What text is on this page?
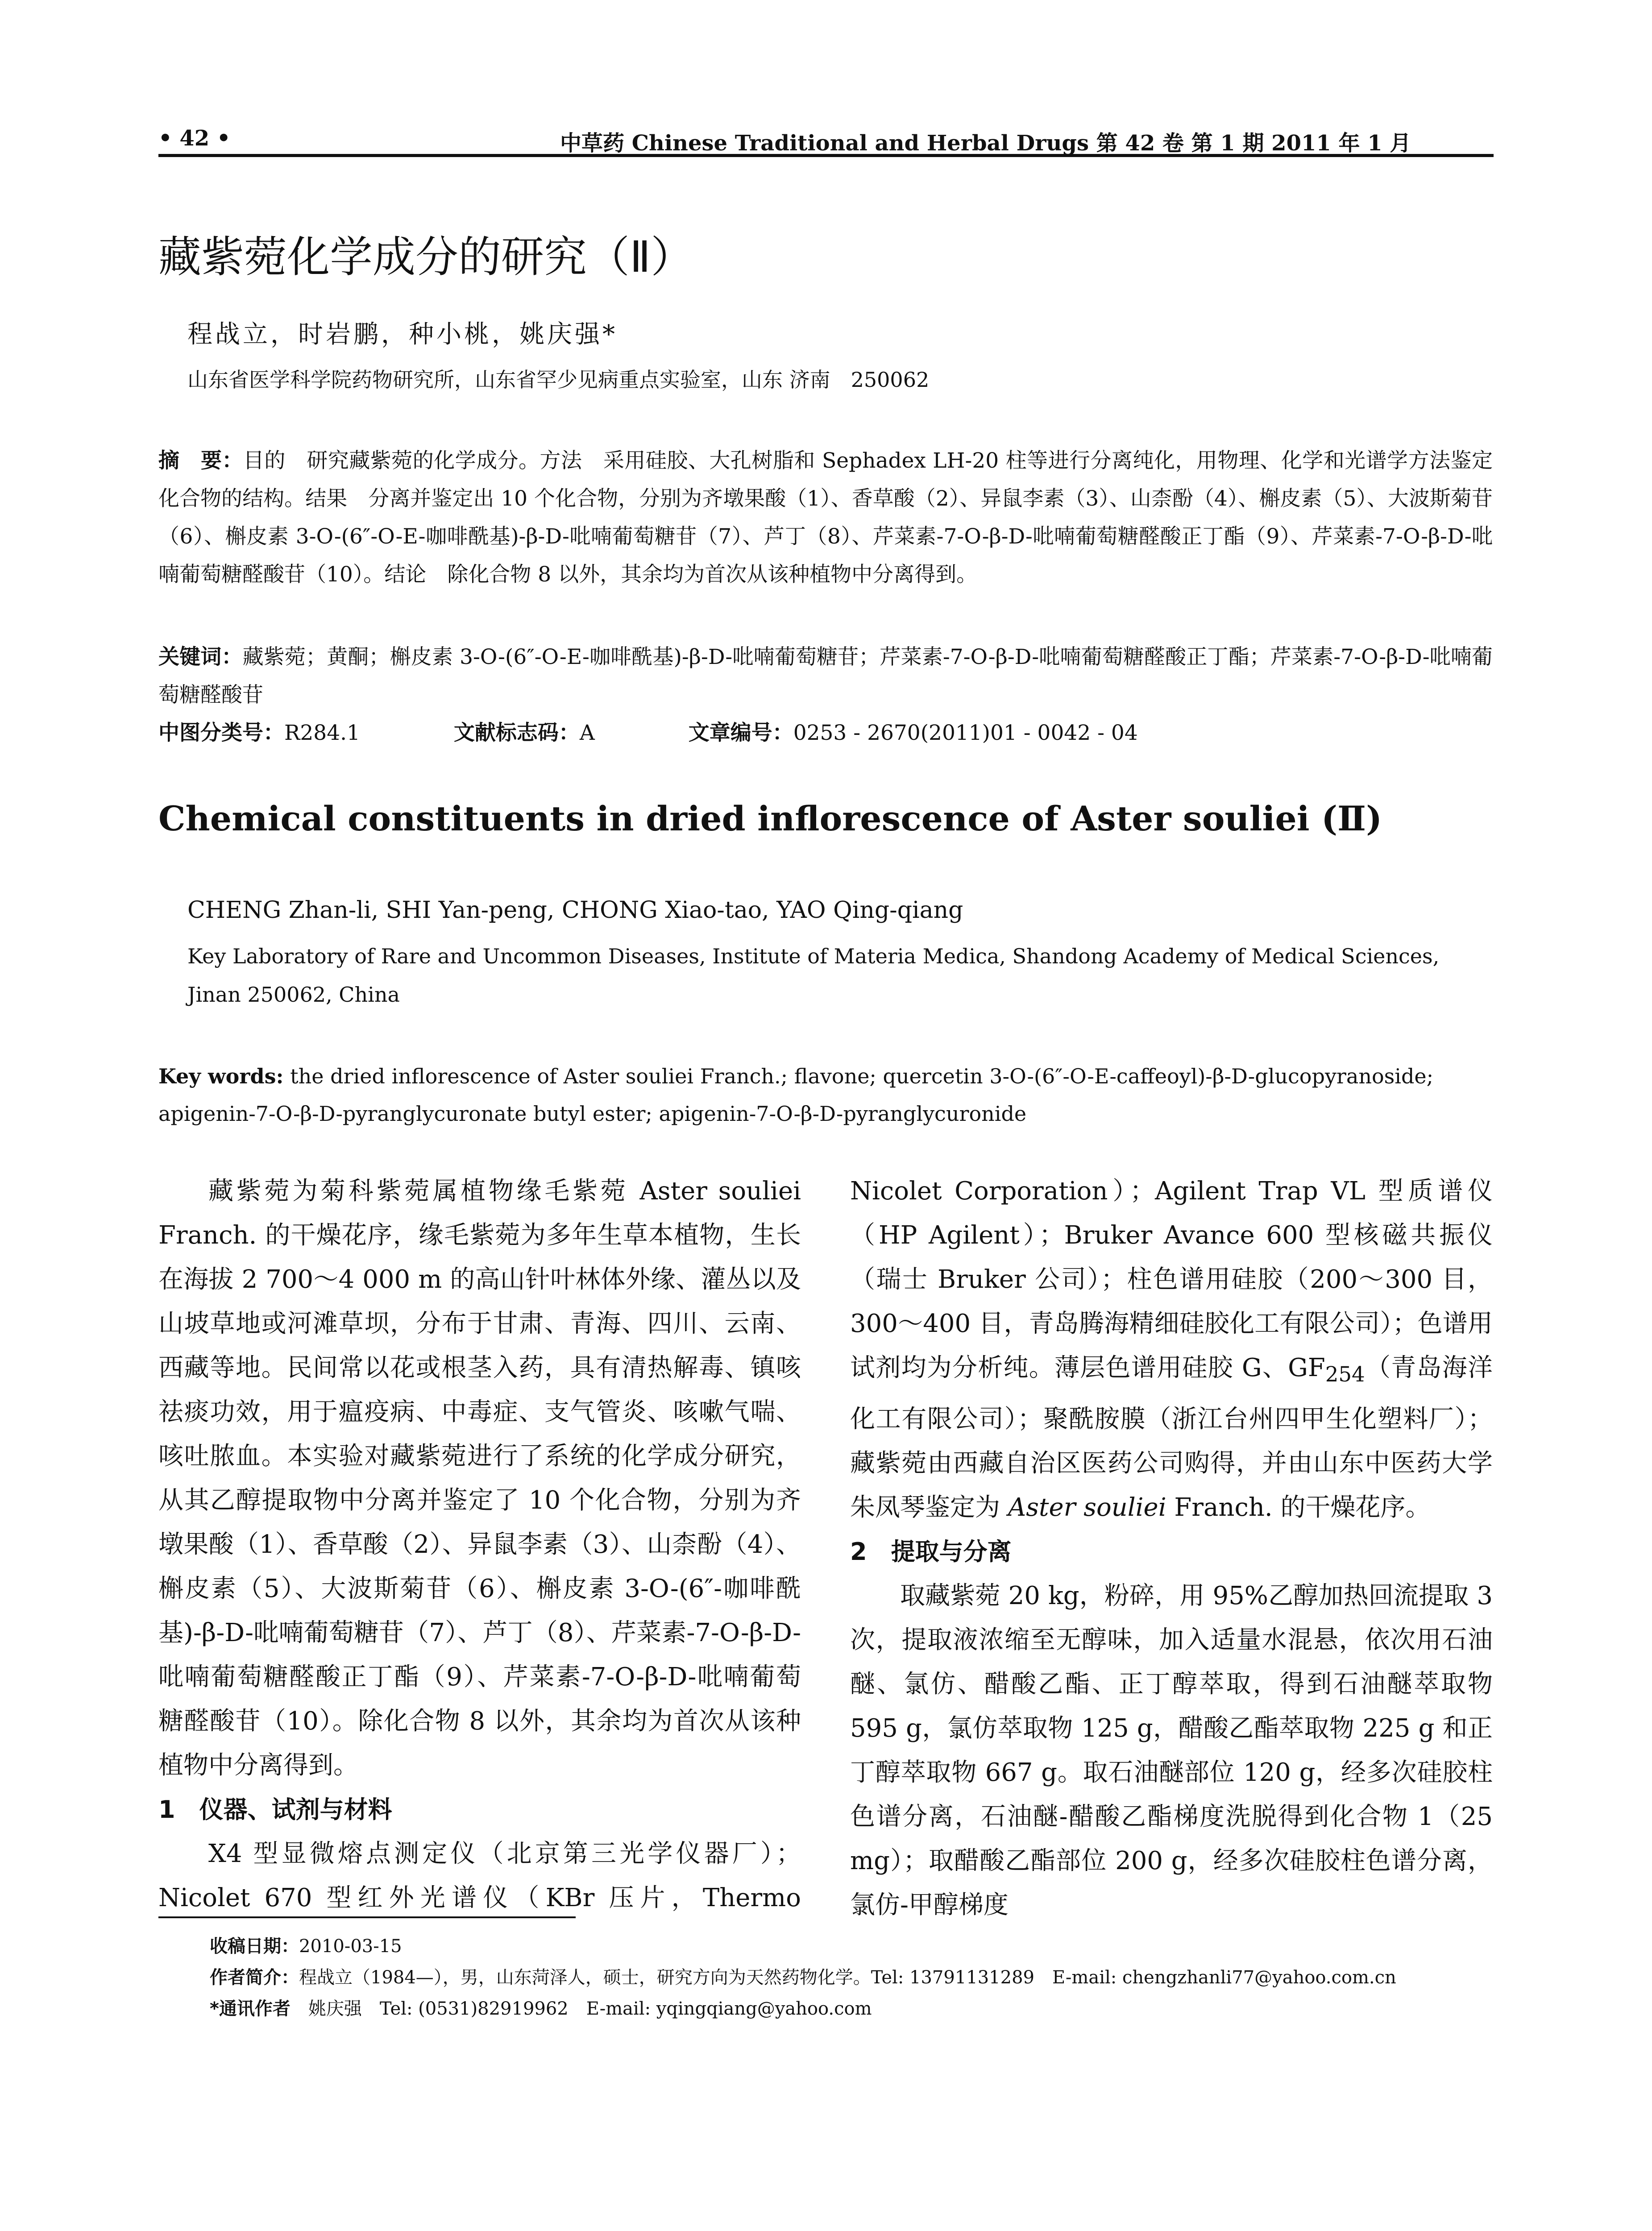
• 42 •	中草药 Chinese Traditional and Herbal Drugs 第 42 卷 第 1 期 2011 年 1 月
藏紫菀化学成分的研究（Ⅱ）
程战立，时岩鹏，种小桃，姚庆强*
山东省医学科学院药物研究所，山东省罕少见病重点实验室，山东 济南　250062
摘　要：目的　研究藏紫菀的化学成分。方法　采用硅胶、大孔树脂和 Sephadex LH-20 柱等进行分离纯化，用物理、化学和光谱学方法鉴定化合物的结构。结果　分离并鉴定出 10 个化合物，分别为齐墩果酸（1）、香草酸（2）、异鼠李素（3）、山柰酚（4）、槲皮素（5）、大波斯菊苷（6）、槲皮素 3-O-(6″-O-E-咖啡酰基)-β-D-吡喃葡萄糖苷（7）、芦丁（8）、芹菜素-7-O-β-D-吡喃葡萄糖醛酸正丁酯（9）、芹菜素-7-O-β-D-吡喃葡萄糖醛酸苷（10）。结论　除化合物 8 以外，其余均为首次从该种植物中分离得到。
关键词：藏紫菀；黄酮；槲皮素 3-O-(6″-O-E-咖啡酰基)-β-D-吡喃葡萄糖苷；芹菜素-7-O-β-D-吡喃葡萄糖醛酸正丁酯；芹菜素-7-O-β-D-吡喃葡萄糖醛酸苷
中图分类号：R284.1	文献标志码：A	文章编号：0253 - 2670(2011)01 - 0042 - 04
Chemical constituents in dried inflorescence of Aster souliei (Ⅱ)
CHENG Zhan-li, SHI Yan-peng, CHONG Xiao-tao, YAO Qing-qiang
Key Laboratory of Rare and Uncommon Diseases, Institute of Materia Medica, Shandong Academy of Medical Sciences, Jinan 250062, China
Key words: the dried inflorescence of Aster souliei Franch.; flavone; quercetin 3-O-(6″-O-E-caffeoyl)-β-D-glucopyranoside; apigenin-7-O-β-D-pyranglycuronate butyl ester; apigenin-7-O-β-D-pyranglycuronide

藏紫菀为菊科紫菀属植物缘毛紫菀 Aster souliei Franch. 的干燥花序，缘毛紫菀为多年生草本植物，生长在海拔 2 700～4 000 m 的高山针叶林体外缘、灌丛以及山坡草地或河滩草坝，分布于甘肃、青海、四川、云南、西藏等地。民间常以花或根茎入药，具有清热解毒、镇咳祛痰功效，用于瘟疫病、中毒症、支气管炎、咳嗽气喘、咳吐脓血。本实验对藏紫菀进行了系统的化学成分研究，从其乙醇提取物中分离并鉴定了 10 个化合物，分别为齐墩果酸（1）、香草酸（2）、异鼠李素（3）、山柰酚（4）、槲皮素（5）、大波斯菊苷（6）、槲皮素 3-O-(6″-咖啡酰基)-β-D-吡喃葡萄糖苷（7）、芦丁（8）、芹菜素-7-O-β-D-吡喃葡萄糖醛酸正丁酯（9）、芹菜素-7-O-β-D-吡喃葡萄糖醛酸苷（10）。除化合物 8 以外，其余均为首次从该种植物中分离得到。

1　仪器、试剂与材料

X4 型显微熔点测定仪（北京第三光学仪器厂）；Nicolet 670 型红外光谱仪（KBr 压片，Thermo

Nicolet Corporation）；Agilent Trap VL 型质谱仪（HP Agilent）；Bruker Avance 600 型核磁共振仪（瑞士 Bruker 公司）；柱色谱用硅胶（200～300 目，300～400 目，青岛腾海精细硅胶化工有限公司）；色谱用试剂均为分析纯。薄层色谱用硅胶 G、$GF_{254}$（青岛海洋化工有限公司）；聚酰胺膜（浙江台州四甲生化塑料厂）；藏紫菀由西藏自治区医药公司购得，并由山东中医药大学朱凤琴鉴定为 Aster souliei Franch. 的干燥花序。

2　提取与分离

取藏紫菀 20 kg，粉碎，用 95%乙醇加热回流提取 3 次，提取液浓缩至无醇味，加入适量水混悬，依次用石油醚、氯仿、醋酸乙酯、正丁醇萃取，得到石油醚萃取物 595 g，氯仿萃取物 125 g，醋酸乙酯萃取物 225 g 和正丁醇萃取物 667 g。取石油醚部位 120 g，经多次硅胶柱色谱分离，石油醚-醋酸乙酯梯度洗脱得到化合物 1（25 mg）；取醋酸乙酯部位 200 g，经多次硅胶柱色谱分离，氯仿-甲醇梯度

收稿日期：2010-03-15
作者简介：程战立（1984—），男，山东菏泽人，硕士，研究方向为天然药物化学。Tel: 13791131289　E-mail: chengzhanli77@yahoo.com.cn
*通讯作者　 姚庆强　Tel: (0531)82919962　E-mail: yqingqiang@yahoo.com
